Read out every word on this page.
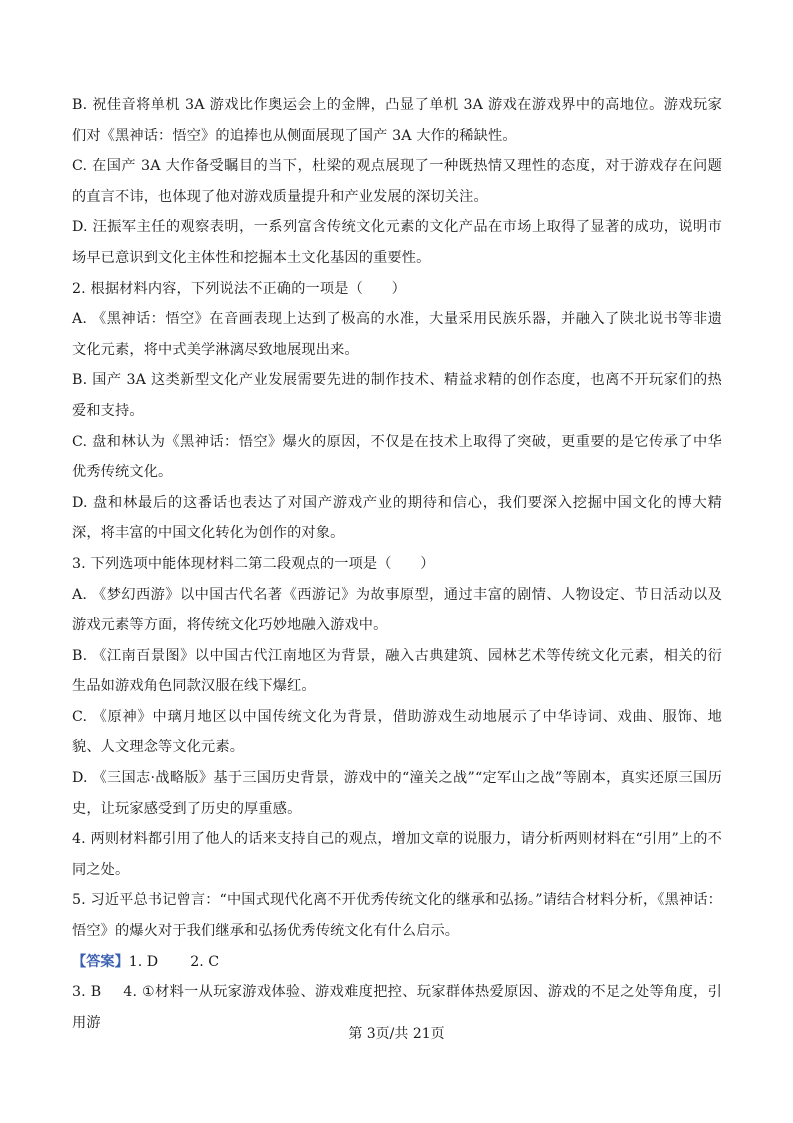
B. 祝佳音将单机 3A 游戏比作奥运会上的金牌，凸显了单机 3A 游戏在游戏界中的高地位。游戏玩家们对《黑神话：悟空》的追捧也从侧面展现了国产 3A 大作的稀缺性。

C. 在国产 3A 大作备受瞩目的当下，杜梁的观点展现了一种既热情又理性的态度，对于游戏存在问题的直言不讳，也体现了他对游戏质量提升和产业发展的深切关注。

D. 汪振军主任的观察表明，一系列富含传统文化元素的文化产品在市场上取得了显著的成功，说明市场早已意识到文化主体性和挖掘本土文化基因的重要性。

2. 根据材料内容，下列说法不正确的一项是（　　）

A. 《黑神话：悟空》在音画表现上达到了极高的水准，大量采用民族乐器，并融入了陕北说书等非遗文化元素，将中式美学淋漓尽致地展现出来。

B. 国产 3A 这类新型文化产业发展需要先进的制作技术、精益求精的创作态度，也离不开玩家们的热爱和支持。

C. 盘和林认为《黑神话：悟空》爆火的原因，不仅是在技术上取得了突破，更重要的是它传承了中华优秀传统文化。

D. 盘和林最后的这番话也表达了对国产游戏产业的期待和信心，我们要深入挖掘中国文化的博大精深，将丰富的中国文化转化为创作的对象。

3. 下列选项中能体现材料二第二段观点的一项是（　　）

A. 《梦幻西游》以中国古代名著《西游记》为故事原型，通过丰富的剧情、人物设定、节日活动以及游戏元素等方面，将传统文化巧妙地融入游戏中。

B. 《江南百景图》以中国古代江南地区为背景，融入古典建筑、园林艺术等传统文化元素，相关的衍生品如游戏角色同款汉服在线下爆红。

C. 《原神》中璃月地区以中国传统文化为背景，借助游戏生动地展示了中华诗词、戏曲、服饰、地貌、人文理念等文化元素。

D. 《三国志·战略版》基于三国历史背景，游戏中的“潼关之战”“定军山之战”等剧本，真实还原三国历史，让玩家感受到了历史的厚重感。

4. 两则材料都引用了他人的话来支持自己的观点，增加文章的说服力，请分析两则材料在“引用”上的不同之处。

5. 习近平总书记曾言：“中国式现代化离不开优秀传统文化的继承和弘扬。”请结合材料分析，《黑神话：悟空》的爆火对于我们继承和弘扬优秀传统文化有什么启示。

【答案】1. D 2. C

3. B 4. ①材料一从玩家游戏体验、游戏难度把控、玩家群体热爱原因、游戏的不足之处等角度，引用游

第 3页/共 21页
